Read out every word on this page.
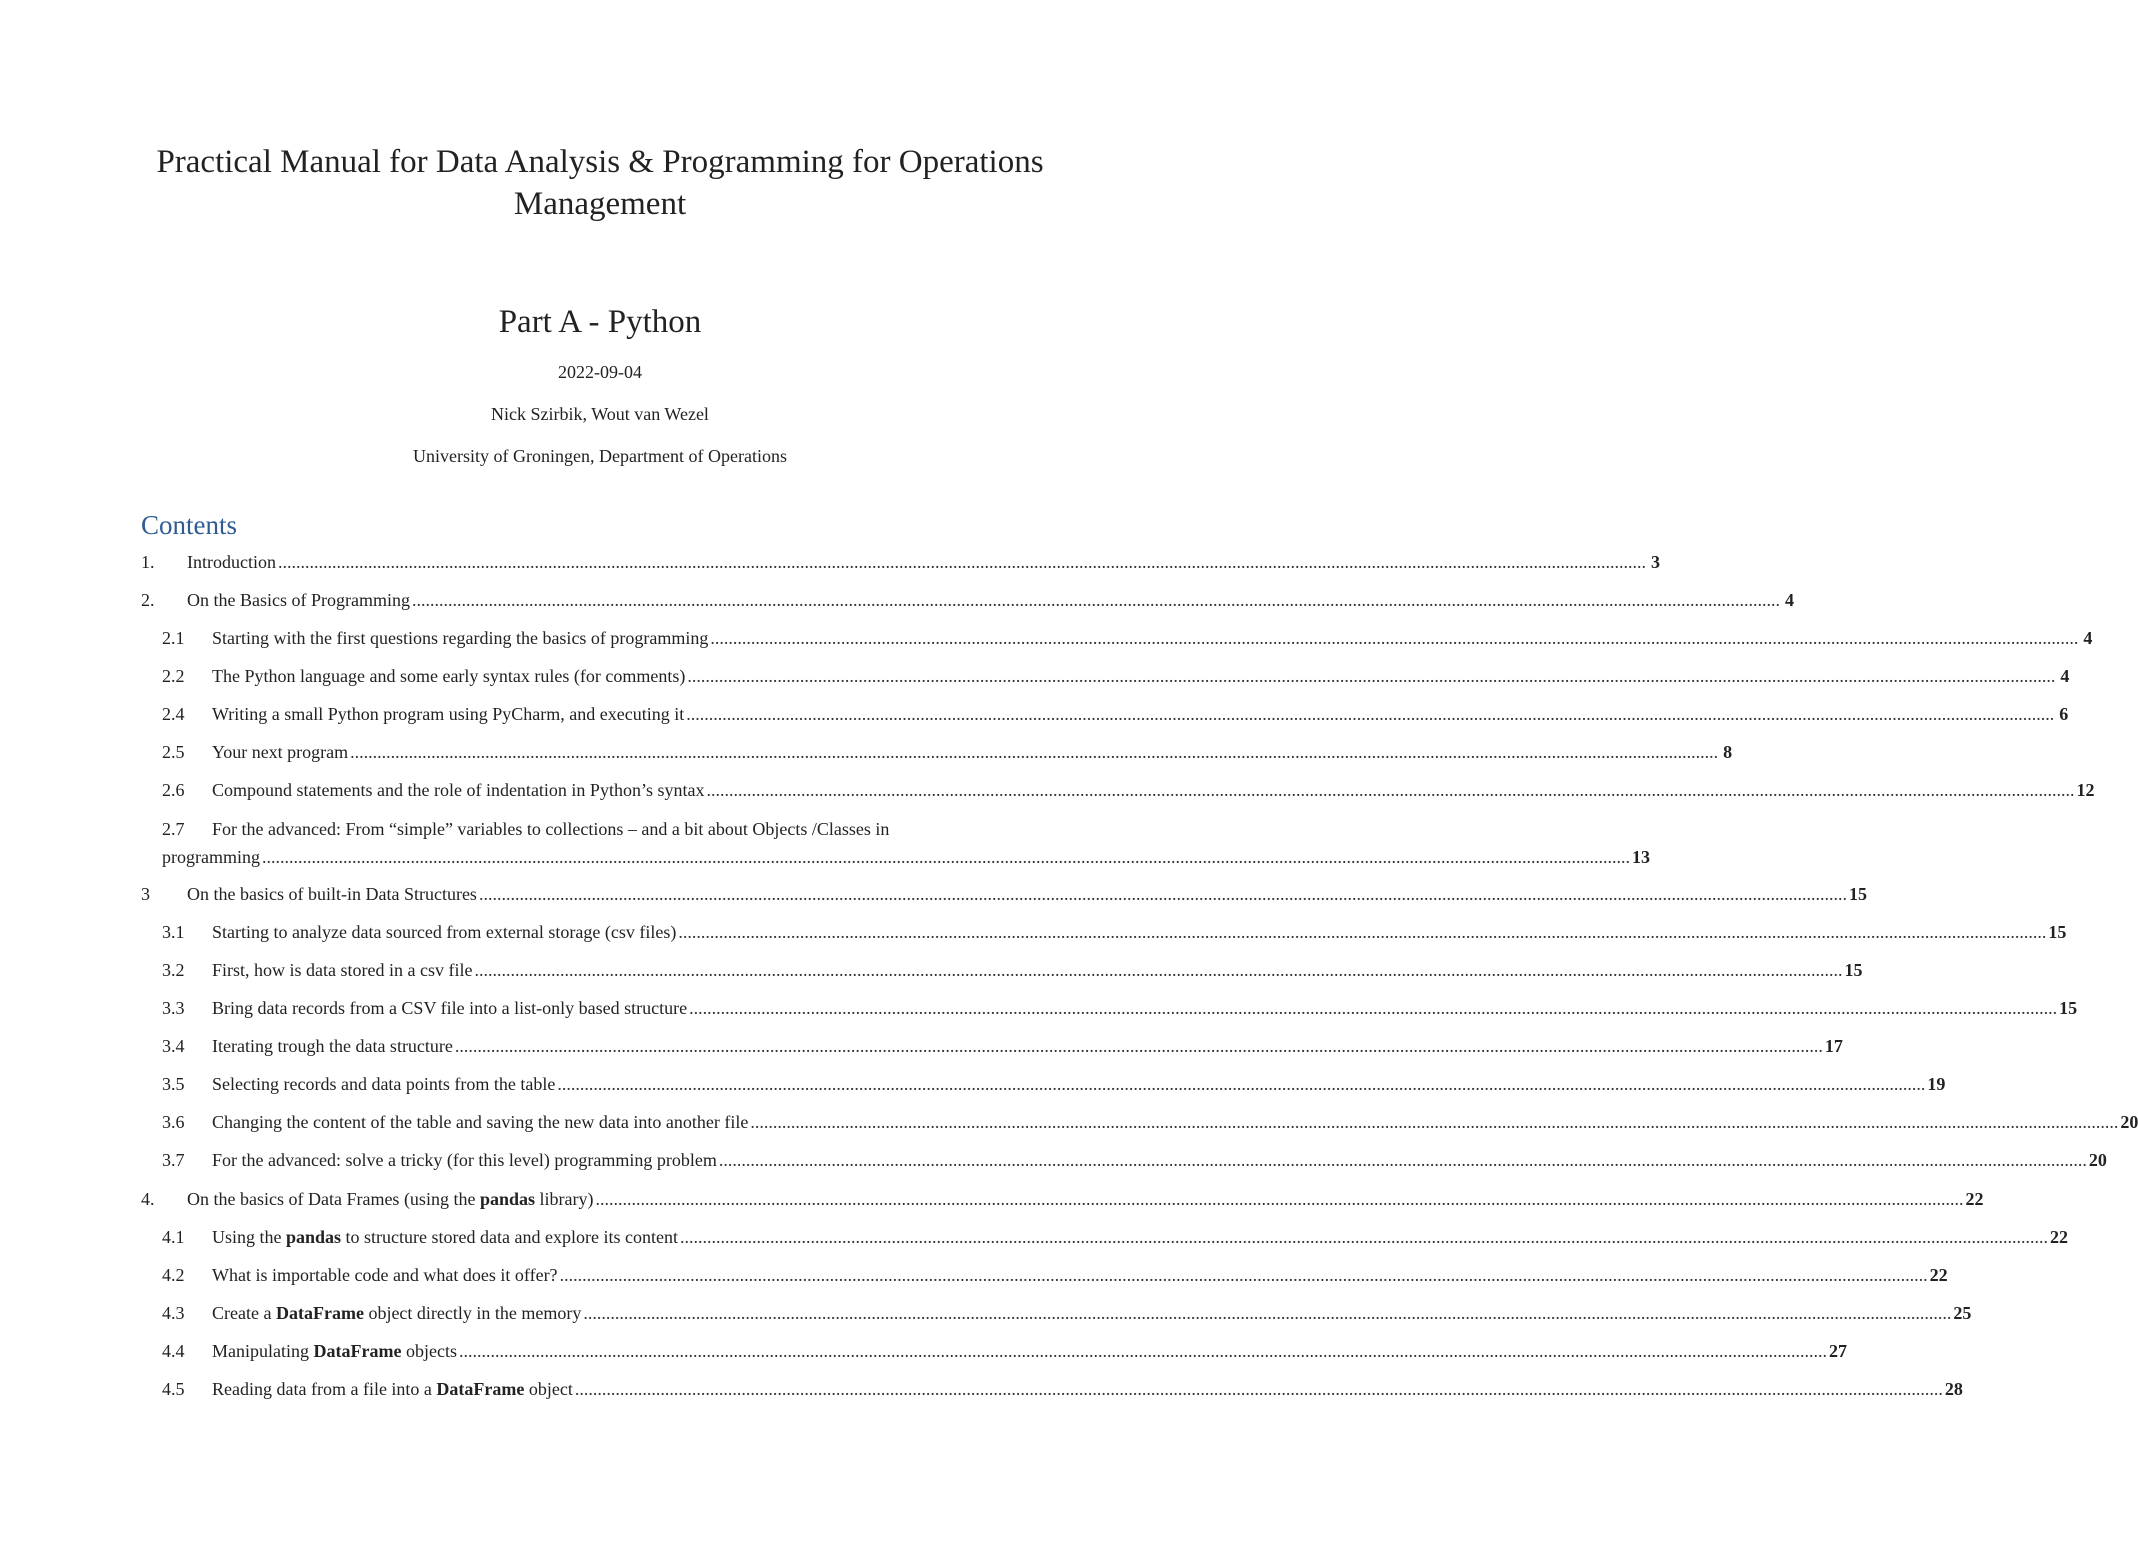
Practical Manual for Data Analysis & Programming for Operations Management
Part A - Python
2022-09-04
Nick Szirbik, Wout van Wezel
University of Groningen, Department of Operations
Contents
1.	Introduction .....	3
2.	On the Basics of Programming .....	4
2.1	Starting with the first questions regarding the basics of programming .....	4
2.2	The Python language and some early syntax rules (for comments) .....	4
2.4	Writing a small Python program using PyCharm, and executing it .....	6
2.5	Your next program .....	8
2.6	Compound statements and the role of indentation in Python’s syntax .....	12
2.7 For the advanced: From “simple” variables to collections – and a bit about Objects /Classes in
programming .....	13
3	On the basics of built-in Data Structures .....	15
3.1	Starting to analyze data sourced from external storage (csv files) .....	15
3.2	First, how is data stored in a csv file .....	15
3.3	Bring data records from a CSV file into a list-only based structure .....	15
3.4	Iterating trough the data structure .....	17
3.5	Selecting records and data points from the table .....	19
3.6	Changing the content of the table and saving the new data into another file .....	20
3.7	For the advanced: solve a tricky (for this level) programming problem .....	20
4.	On the basics of Data Frames (using the pandas library) .....	22
4.1	Using the pandas to structure stored data and explore its content .....	22
4.2	What is importable code and what does it offer? .....	22
4.3	Create a DataFrame object directly in the memory .....	25
4.4	Manipulating DataFrame objects .....	27
4.5	Reading data from a file into a DataFrame object .....	28
